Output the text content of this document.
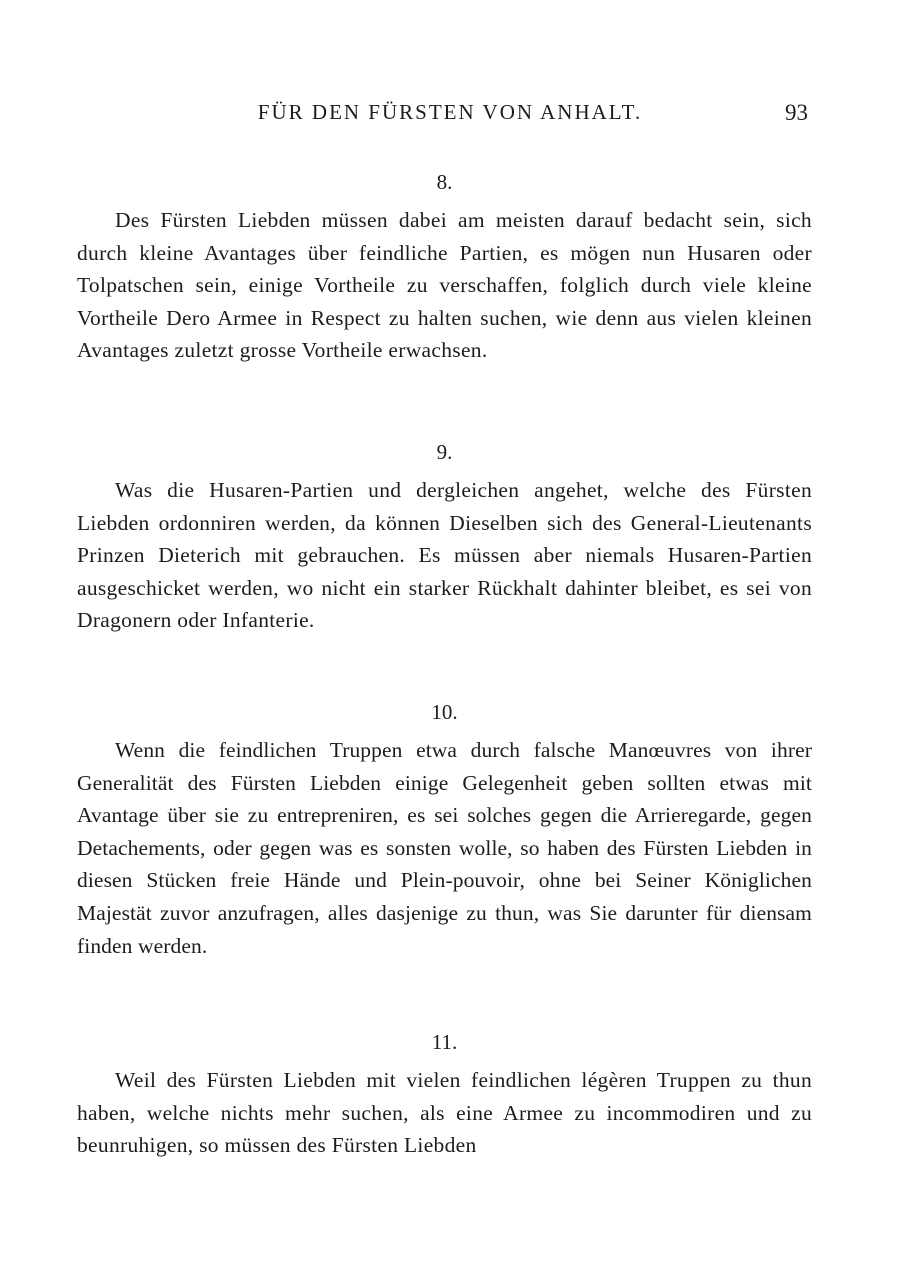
FÜR DEN FÜRSTEN VON ANHALT.	93
8.

Des Fürsten Liebden müssen dabei am meisten darauf bedacht sein, sich durch kleine Avantages über feindliche Partien, es mögen nun Husaren oder Tolpatschen sein, einige Vortheile zu verschaffen, folglich durch viele kleine Vortheile Dero Armee in Respect zu halten suchen, wie denn aus vielen kleinen Avantages zuletzt grosse Vortheile erwachsen.

9.

Was die Husaren-Partien und dergleichen angehet, welche des Fürsten Liebden ordonniren werden, da können Dieselben sich des General-Lieutenants Prinzen Dieterich mit gebrauchen. Es müssen aber niemals Husaren-Partien ausgeschicket werden, wo nicht ein starker Rückhalt dahinter bleibet, es sei von Dragonern oder Infanterie.

10.

Wenn die feindlichen Truppen etwa durch falsche Manœuvres von ihrer Generalität des Fürsten Liebden einige Gelegenheit geben sollten etwas mit Avantage über sie zu entrepreniren, es sei solches gegen die Arrieregarde, gegen Detachements, oder gegen was es sonsten wolle, so haben des Fürsten Liebden in diesen Stücken freie Hände und Plein-pouvoir, ohne bei Seiner Königlichen Majestät zuvor anzufragen, alles dasjenige zu thun, was Sie darunter für diensam finden werden.

11.

Weil des Fürsten Liebden mit vielen feindlichen légèren Truppen zu thun haben, welche nichts mehr suchen, als eine Armee zu incommodiren und zu beunruhigen, so müssen des Fürsten Liebden
